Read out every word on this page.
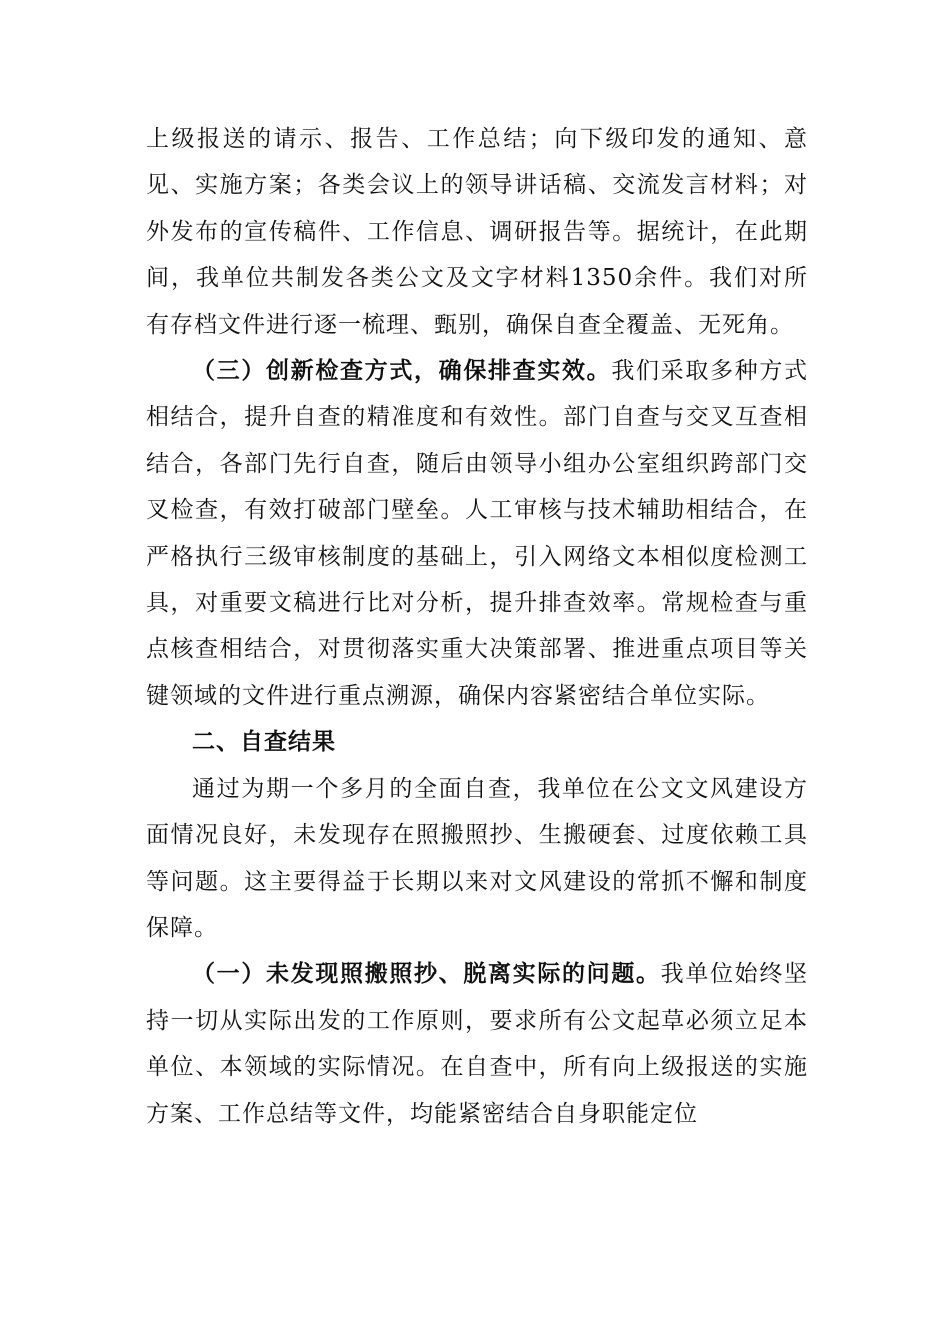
上级报送的请示、报告、工作总结；向下级印发的通知、意见、实施方案；各类会议上的领导讲话稿、交流发言材料；对外发布的宣传稿件、工作信息、调研报告等。据统计，在此期间，我单位共制发各类公文及文字材料1350余件。我们对所有存档文件进行逐一梳理、甄别，确保自查全覆盖、无死角。

（三）创新检查方式，确保排查实效。我们采取多种方式相结合，提升自查的精准度和有效性。部门自查与交叉互查相结合，各部门先行自查，随后由领导小组办公室组织跨部门交叉检查，有效打破部门壁垒。人工审核与技术辅助相结合，在严格执行三级审核制度的基础上，引入网络文本相似度检测工具，对重要文稿进行比对分析，提升排查效率。常规检查与重点核查相结合，对贯彻落实重大决策部署、推进重点项目等关键领域的文件进行重点溯源，确保内容紧密结合单位实际。

二、自查结果

通过为期一个多月的全面自查，我单位在公文文风建设方面情况良好，未发现存在照搬照抄、生搬硬套、过度依赖工具等问题。这主要得益于长期以来对文风建设的常抓不懈和制度保障。

（一）未发现照搬照抄、脱离实际的问题。我单位始终坚持一切从实际出发的工作原则，要求所有公文起草必须立足本单位、本领域的实际情况。在自查中，所有向上级报送的实施方案、工作总结等文件，均能紧密结合自身职能定位
